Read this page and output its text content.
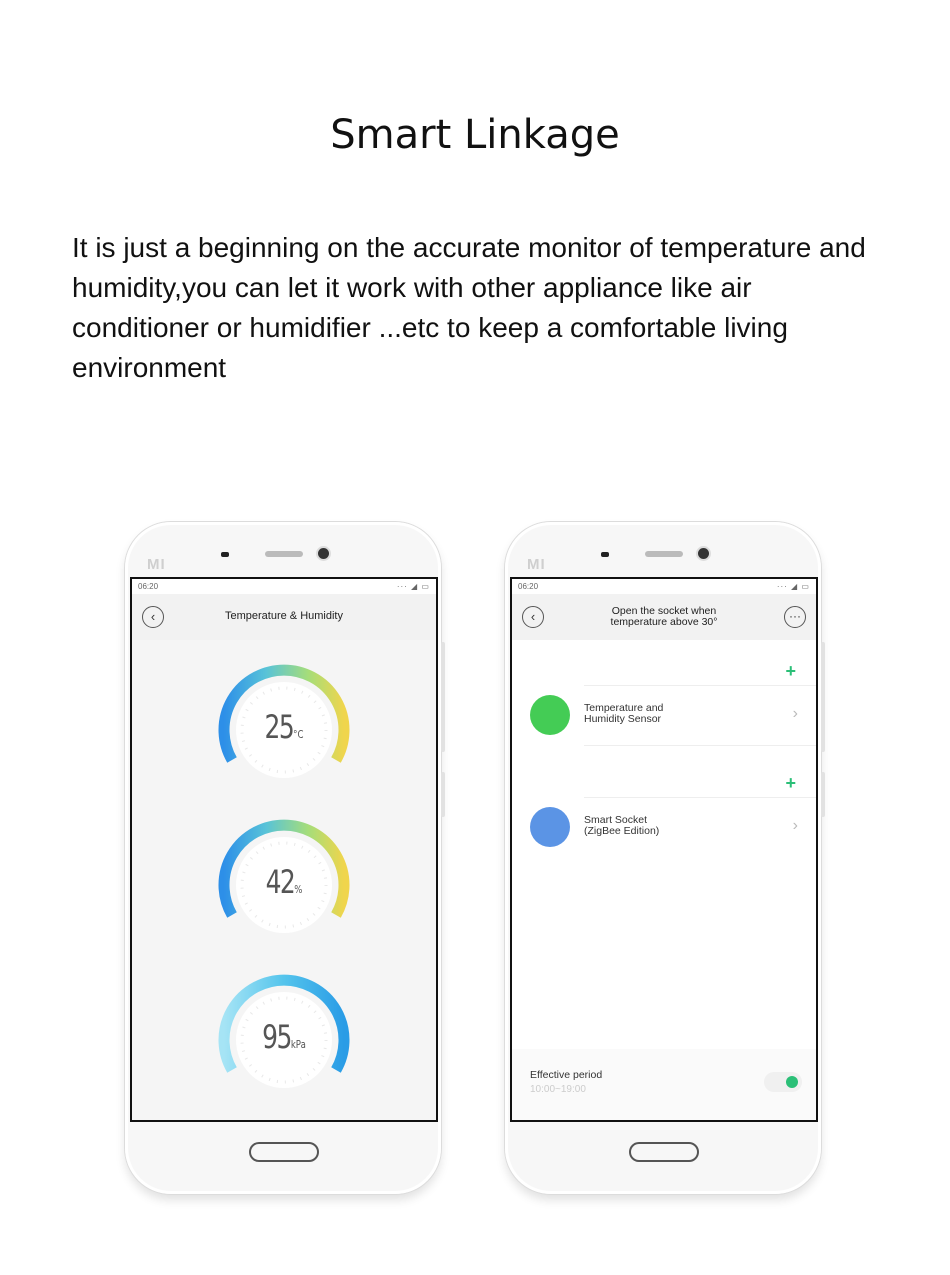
Smart Linkage
It is just a beginning on the accurate monitor of temperature and humidity,you can let it work with other appliance like air conditioner or humidifier ...etc to keep a comfortable living environment
MI
06:20	··· ◢ ▭
‹	Temperature & Humidity
25°C
42%
95kPa
MI
06:20	··· ◢ ▭
‹	Open the socket when
temperature above 30°	···
+
Temperature and
Humidity Sensor	›
+
Smart Socket
(ZigBee Edition)	›
Effective period
10:00~19:00
